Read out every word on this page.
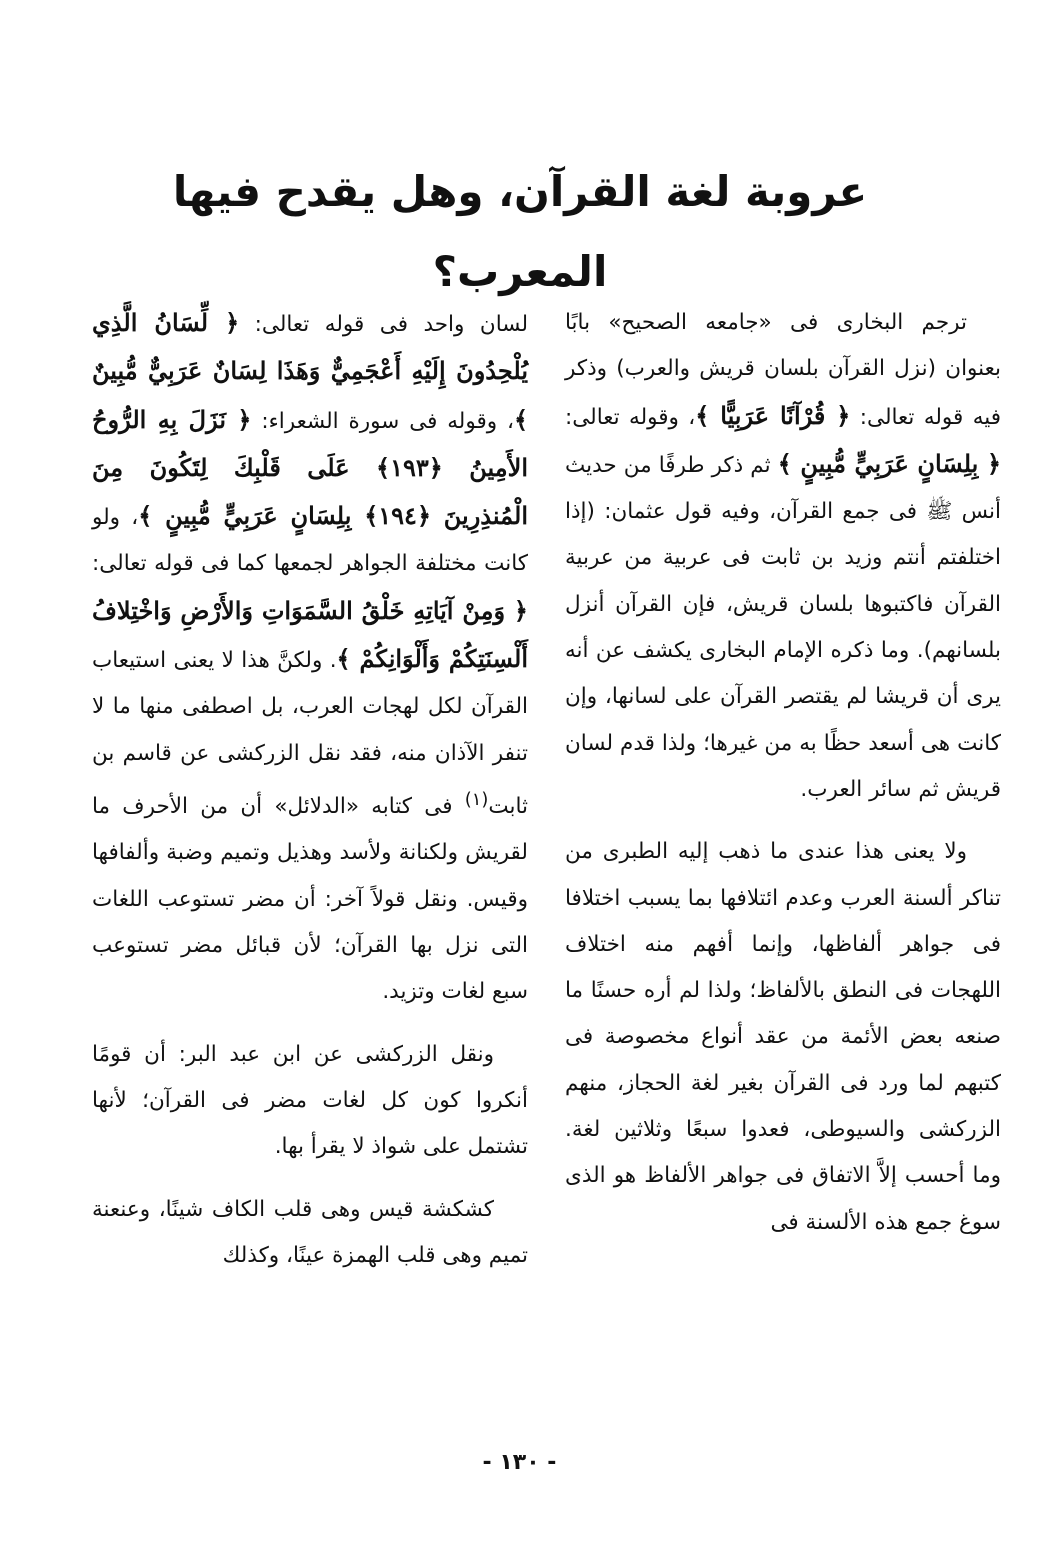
عروبة لغة القرآن، وهل يقدح فيها المعرب؟

ترجم البخارى فى «جامعه الصحيح» بابًا بعنوان (نزل القرآن بلسان قريش والعرب) وذكر فيه قوله تعالى: ﴿ قُرْآنًا عَرَبِيًّا ﴾، وقوله تعالى: ﴿ بِلِسَانٍ عَرَبِيٍّ مُّبِينٍ ﴾ ثم ذكر طرفًا من حديث أنس ﷺ فى جمع القرآن، وفيه قول عثمان: (إذا اختلفتم أنتم وزيد بن ثابت فى عربية من عربية القرآن فاكتبوها بلسان قريش، فإن القرآن أنزل بلسانهم). وما ذكره الإمام البخارى يكشف عن أنه يرى أن قريشا لم يقتصر القرآن على لسانها، وإن كانت هى أسعد حظًا به من غيرها؛ ولذا قدم لسان قريش ثم سائر العرب.

ولا يعنى هذا عندى ما ذهب إليه الطبرى من تناكر ألسنة العرب وعدم ائتلافها بما يسبب اختلافا فى جواهر ألفاظها، وإنما أفهم منه اختلاف اللهجات فى النطق بالألفاظ؛ ولذا لم أره حسنًا ما صنعه بعض الأئمة من عقد أنواع مخصوصة فى كتبهم لما ورد فى القرآن بغير لغة الحجاز، منهم الزركشى والسيوطى، فعدوا سبعًا وثلاثين لغة. وما أحسب إلاَّ الاتفاق فى جواهر الألفاظ هو الذى سوغ جمع هذه الألسنة فى

لسان واحد فى قوله تعالى: ﴿ لِّسَانُ الَّذِي يُلْحِدُونَ إِلَيْهِ أَعْجَمِيٌّ وَهَذَا لِسَانٌ عَرَبِيٌّ مُّبِينٌ ﴾، وقوله فى سورة الشعراء: ﴿ نَزَلَ بِهِ الرُّوحُ الأَمِينُ ﴿١٩٣﴾ عَلَى قَلْبِكَ لِتَكُونَ مِنَ الْمُنذِرِينَ ﴿١٩٤﴾ بِلِسَانٍ عَرَبِيٍّ مُّبِينٍ ﴾، ولو كانت مختلفة الجواهر لجمعها كما فى قوله تعالى: ﴿ وَمِنْ آيَاتِهِ خَلْقُ السَّمَوَاتِ وَالأَرْضِ وَاخْتِلافُ أَلْسِنَتِكُمْ وَأَلْوَانِكُمْ ﴾. ولكنَّ هذا لا يعنى استيعاب القرآن لكل لهجات العرب، بل اصطفى منها ما لا تنفر الآذان منه، فقد نقل الزركشى عن قاسم بن ثابت$^{(١)}$ فى كتابه «الدلائل» أن من الأحرف ما لقريش ولكنانة ولأسد وهذيل وتميم وضبة وألفافها وقيس. ونقل قولاً آخر: أن مضر تستوعب اللغات التى نزل بها القرآن؛ لأن قبائل مضر تستوعب سبع لغات وتزيد.

ونقل الزركشى عن ابن عبد البر: أن قومًا أنكروا كون كل لغات مضر فى القرآن؛ لأنها تشتمل على شواذ لا يقرأ بها.

كشكشة قيس وهى قلب الكاف شينًا، وعنعنة تميم وهى قلب الهمزة عينًا، وكذلك

- ١٣٠ -
